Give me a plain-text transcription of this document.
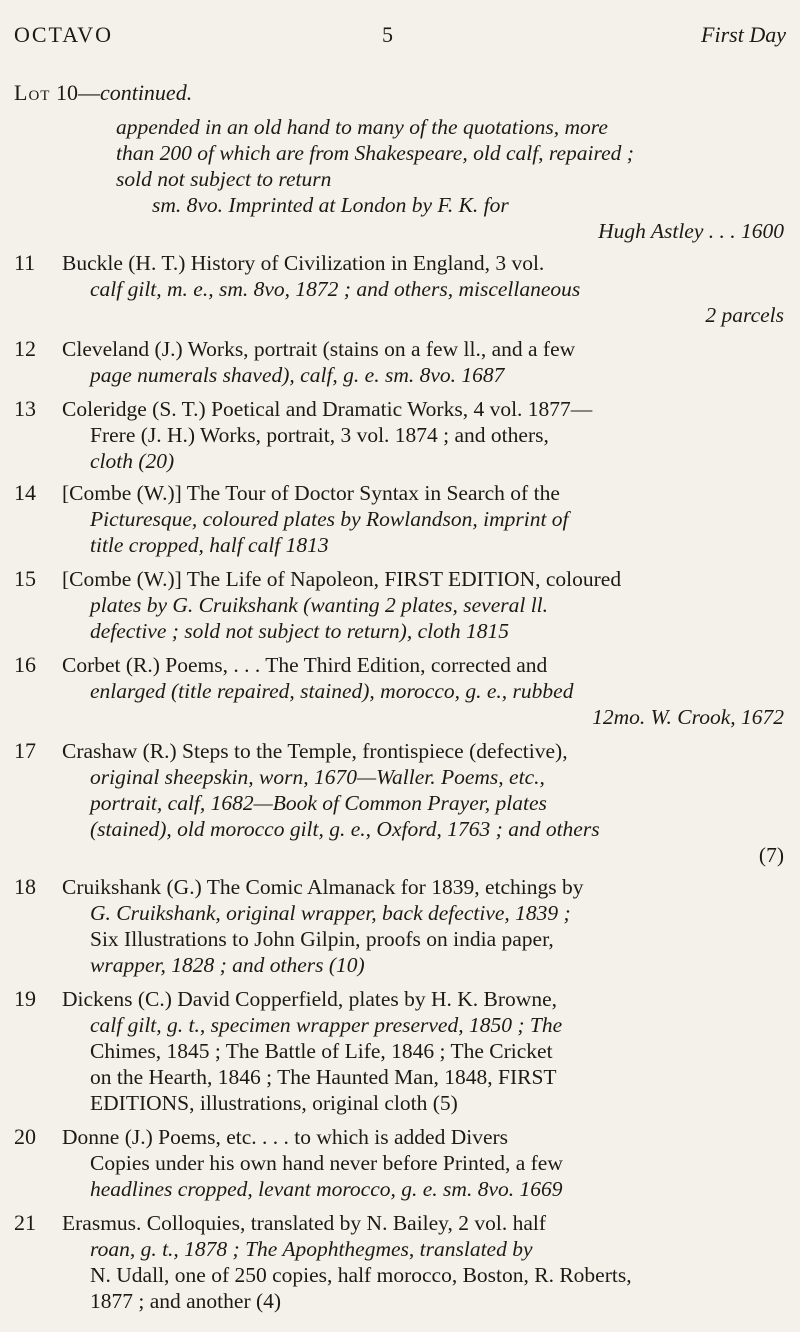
OCTAVO	5	First Day
Lot 10—continued.
appended in an old hand to many of the quotations, more
than 200 of which are from Shakespeare, old calf, repaired ;
sold not subject to return
sm. 8vo. Imprinted at London by F. K. for
Hugh Astley . . . 1600
11 Buckle (H. T.) History of Civilization in England, 3 vol.
calf gilt, m. e., sm. 8vo, 1872 ; and others, miscellaneous
2 parcels
12 Cleveland (J.) Works, portrait (stains on a few ll., and a few
page numerals shaved), calf, g. e. sm. 8vo. 1687
13 Coleridge (S. T.) Poetical and Dramatic Works, 4 vol. 1877—
Frere (J. H.) Works, portrait, 3 vol. 1874 ; and others,
cloth (20)
14 [Combe (W.)] The Tour of Doctor Syntax in Search of the
Picturesque, coloured plates by Rowlandson, imprint of
title cropped, half calf 1813
15 [Combe (W.)] The Life of Napoleon, FIRST EDITION, coloured
plates by G. Cruikshank (wanting 2 plates, several ll.
defective ; sold not subject to return), cloth 1815
16 Corbet (R.) Poems, . . . The Third Edition, corrected and
enlarged (title repaired, stained), morocco, g. e., rubbed
12mo. W. Crook, 1672
17 Crashaw (R.) Steps to the Temple, frontispiece (defective),
original sheepskin, worn, 1670—Waller. Poems, etc.,
portrait, calf, 1682—Book of Common Prayer, plates
(stained), old morocco gilt, g. e., Oxford, 1763 ; and others
(7)
18 Cruikshank (G.) The Comic Almanack for 1839, etchings by
G. Cruikshank, original wrapper, back defective, 1839 ;
Six Illustrations to John Gilpin, proofs on india paper,
wrapper, 1828 ; and others (10)
19 Dickens (C.) David Copperfield, plates by H. K. Browne,
calf gilt, g. t., specimen wrapper preserved, 1850 ; The
Chimes, 1845 ; The Battle of Life, 1846 ; The Cricket
on the Hearth, 1846 ; The Haunted Man, 1848, FIRST
EDITIONS, illustrations, original cloth (5)
20 Donne (J.) Poems, etc. . . . to which is added Divers
Copies under his own hand never before Printed, a few
headlines cropped, levant morocco, g. e. sm. 8vo. 1669
21 Erasmus. Colloquies, translated by N. Bailey, 2 vol. half
roan, g. t., 1878 ; The Apophthegmes, translated by
N. Udall, one of 250 copies, half morocco, Boston, R. Roberts,
1877 ; and another (4)
